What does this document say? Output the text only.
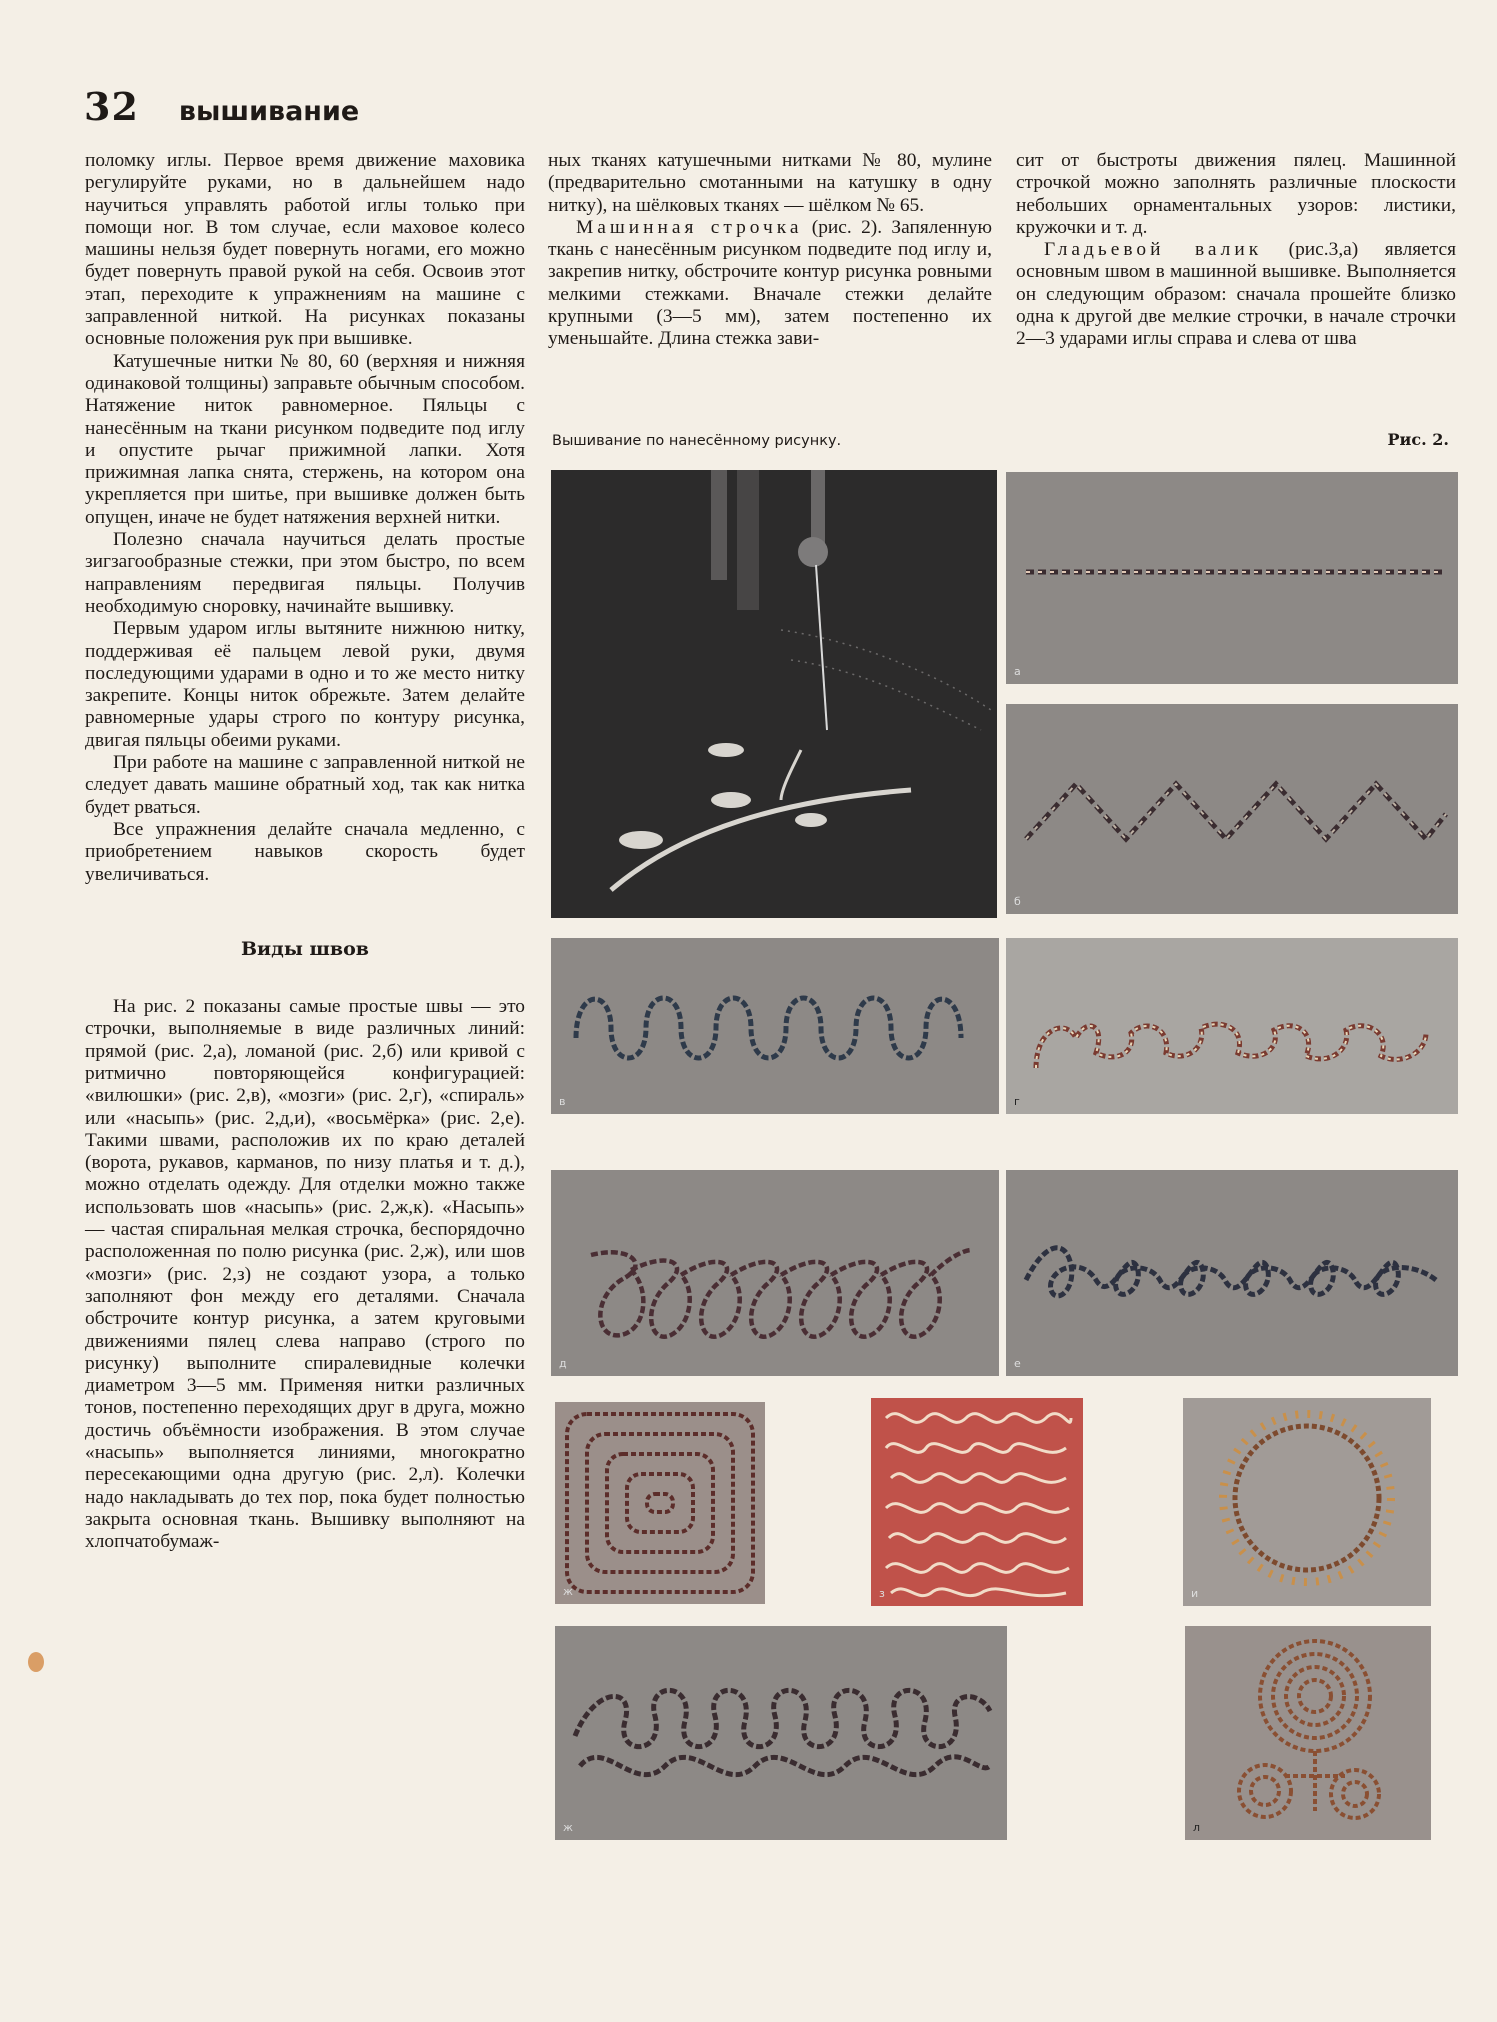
32 вышивание

поломку иглы. Первое время движение маховика регулируйте руками, но в дальнейшем надо научиться управлять работой иглы только при помощи ног. В том случае, если маховое колесо машины нельзя будет повернуть ногами, его можно будет повернуть правой рукой на себя. Освоив этот этап, переходите к упражнениям на машине с заправленной ниткой. На рисунках показаны основные положения рук при вышивке.

Катушечные нитки № 80, 60 (верхняя и нижняя одинаковой толщины) заправьте обычным способом. Натяжение ниток равномерное. Пяльцы с нанесённым на ткани рисунком подведите под иглу и опустите рычаг прижимной лапки. Хотя прижимная лапка снята, стержень, на котором она укрепляется при шитье, при вышивке должен быть опущен, иначе не будет натяжения верхней нитки.

Полезно сначала научиться делать простые зигзагообразные стежки, при этом быстро, по всем направлениям передвигая пяльцы. Получив необходимую сноровку, начинайте вышивку.

Первым ударом иглы вытяните нижнюю нитку, поддерживая её пальцем левой руки, двумя последующими ударами в одно и то же место нитку закрепите. Концы ниток обрежьте. Затем делайте равномерные удары строго по контуру рисунка, двигая пяльцы обеими руками.

При работе на машине с заправленной ниткой не следует давать машине обратный ход, так как нитка будет рваться.

Все упражнения делайте сначала медленно, с приобретением навыков скорость будет увеличиваться.

Виды швов

На рис. 2 показаны самые простые швы — это строчки, выполняемые в виде различных линий: прямой (рис. 2,а), ломаной (рис. 2,б) или кривой с ритмично повторяющейся конфигурацией: «вилюшки» (рис. 2,в), «мозги» (рис. 2,г), «спираль» или «насыпь» (рис. 2,д,и), «восьмёрка» (рис. 2,е). Такими швами, расположив их по краю деталей (ворота, рукавов, карманов, по низу платья и т. д.), можно отделать одежду. Для отделки можно также использовать шов «насыпь» (рис. 2,ж,к). «Насыпь» — частая спиральная мелкая строчка, беспорядочно расположенная по полю рисунка (рис. 2,ж), или шов «мозги» (рис. 2,з) не создают узора, а только заполняют фон между его деталями. Сначала обстрочите контур рисунка, а затем круговыми движениями пялец слева направо (строго по рисунку) выполните спиралевидные колечки диаметром 3—5 мм. Применяя нитки различных тонов, постепенно переходящих друг в друга, можно достичь объёмности изображения. В этом случае «насыпь» выполняется линиями, многократно пересекающими одна другую (рис. 2,л). Колечки надо накладывать до тех пор, пока будет полностью закрыта основная ткань. Вышивку выполняют на хлопчатобумаж-

ных тканях катушечными нитками № 80, мулине (предварительно смотанными на катушку в одну нитку), на шёлковых тканях — шёлком № 65.

Машинная строчка (рис. 2). Запяленную ткань с нанесённым рисунком подведите под иглу и, закрепив нитку, обстрочите контур рисунка ровными мелкими стежками. Вначале стежки делайте крупными (3—5 мм), затем постепенно их уменьшайте. Длина стежка зави-

сит от быстроты движения пялец. Машинной строчкой можно заполнять различные плоскости небольших орнаментальных узоров: листики, кружочки и т. д.

Гладьевой валик (рис.3,а) является основным швом в машинной вышивке. Выполняется он следующим образом: сначала прошейте близко одна к другой две мелкие строчки, в начале строчки 2—3 ударами иглы справа и слева от шва

Вышивание по нанесённому рисунку.	Рис. 2.
а
б
в	г
д	е
ж	з	и
ж	л
